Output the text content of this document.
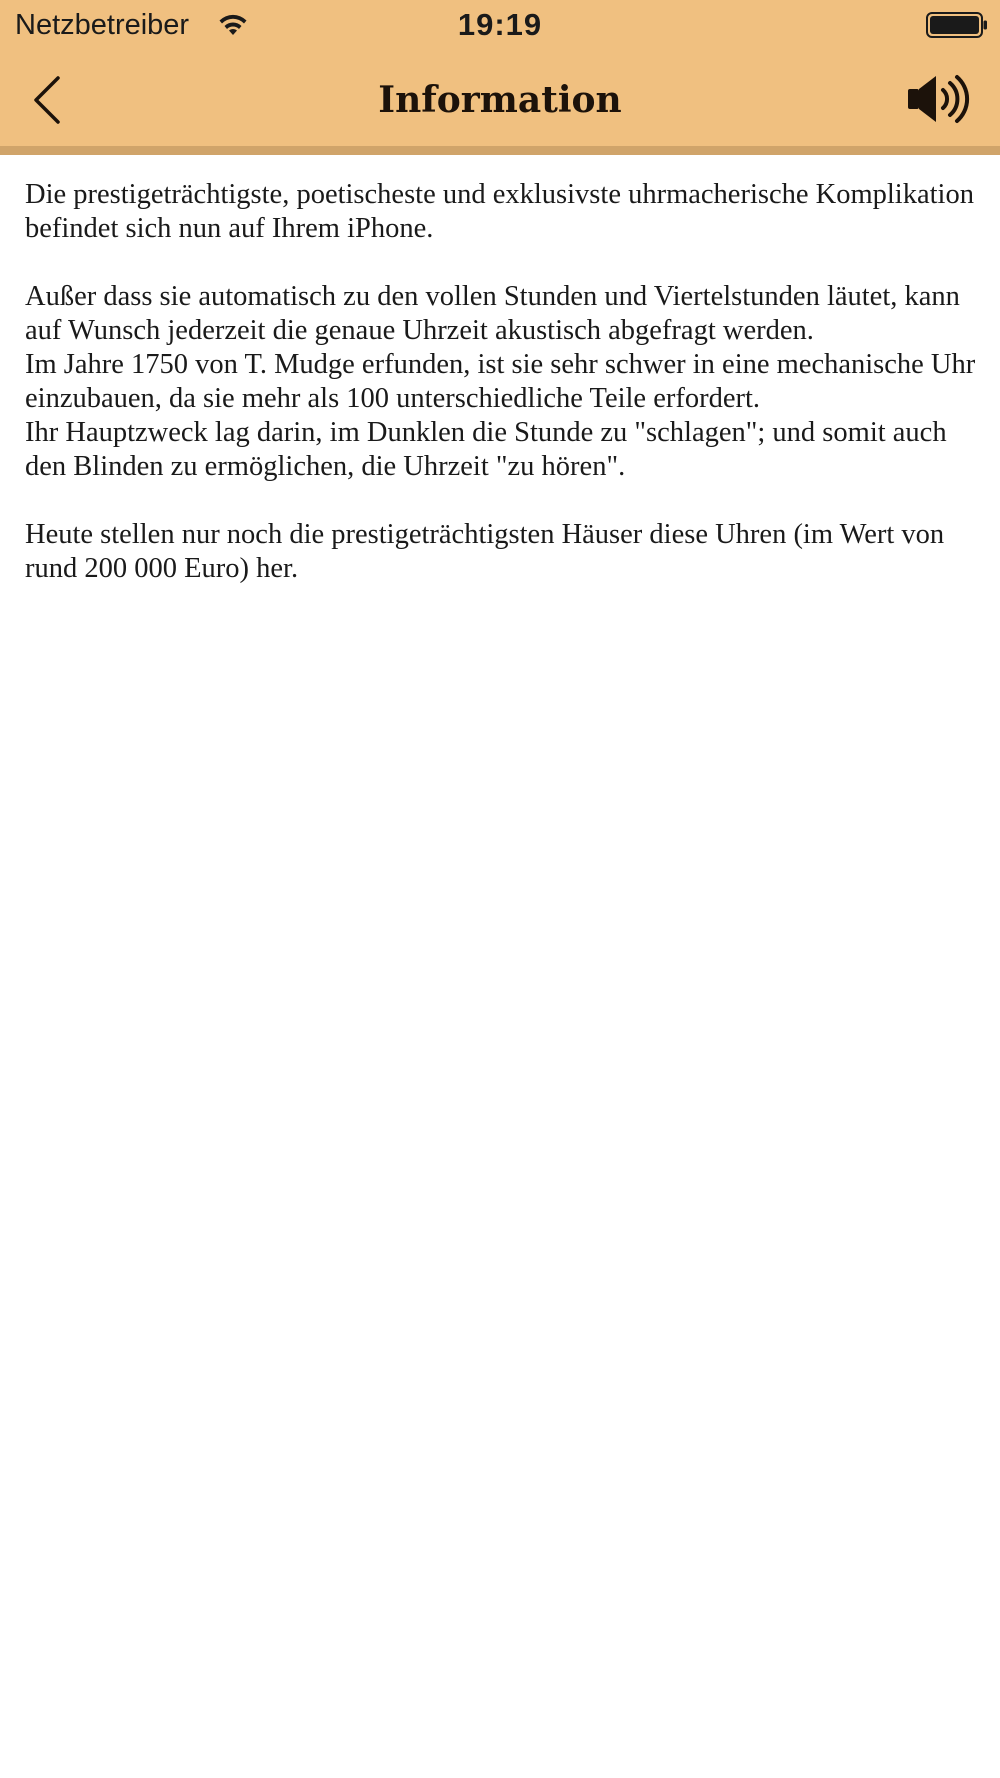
Netzbetreiber	19:19
Information

Die prestigeträchtigste, poetischeste und exklusivste uhrmacherische Komplikation befindet sich nun auf Ihrem iPhone.

Außer dass sie automatisch zu den vollen Stunden und Viertelstunden läutet, kann auf Wunsch jederzeit die genaue Uhrzeit akustisch abgefragt werden.

Im Jahre 1750 von T. Mudge erfunden, ist sie sehr schwer in eine mechanische Uhr einzubauen, da sie mehr als 100 unterschiedliche Teile erfordert.

Ihr Hauptzweck lag darin, im Dunklen die Stunde zu "schlagen"; und somit auch den Blinden zu ermöglichen, die Uhrzeit "zu hören".

Heute stellen nur noch die prestigeträchtigsten Häuser diese Uhren (im Wert von rund 200 000 Euro) her.
